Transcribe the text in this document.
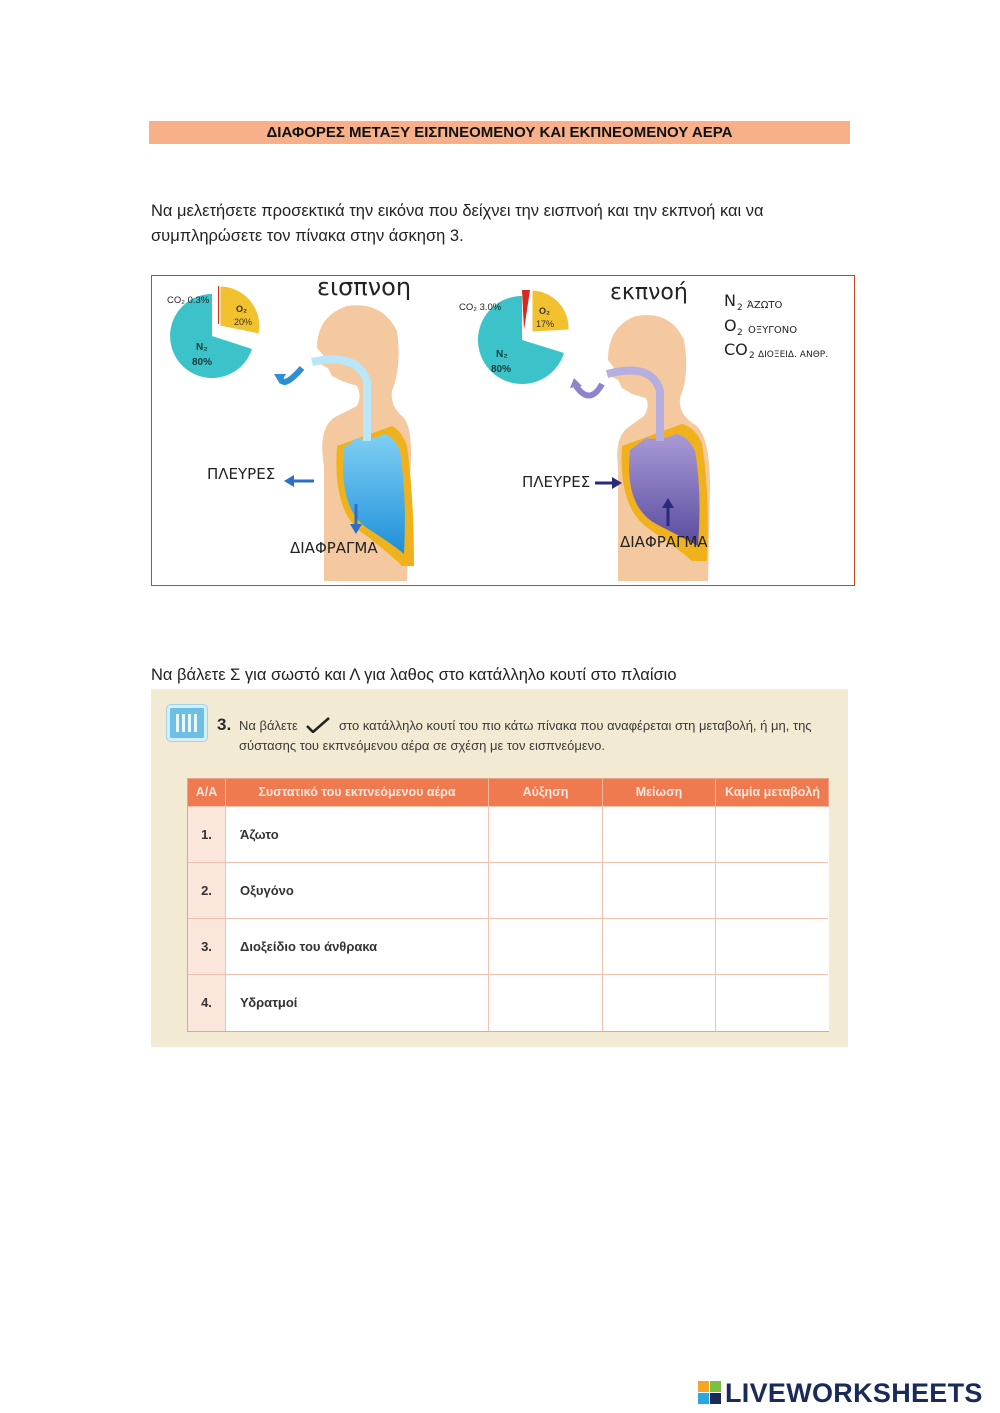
ΔΙΑΦΟΡΕΣ ΜΕΤΑΞΥ ΕΙΣΠΝΕΟΜΕΝΟΥ ΚΑΙ ΕΚΠΝΕΟΜΕΝΟΥ ΑΕΡΑ

Να μελετήσετε προσεκτικά την εικόνα που δείχνει την εισπνοή και την εκπνοή και να συμπληρώσετε τον πίνακα στην άσκηση 3.

CO₂ 0.3%
O₂
20%
N₂
80%
εισπνοη
ΠΛΕΥΡΕΣ
ΔΙΑΦΡΑΓΜΑ
CO₂ 3.0%	O₂
17%
N₂
80%
εκπνοή
ΠΛΕΥΡΕΣ
ΔΙΑΦΡΑΓΜΑ
N 2 ΆΖΩΤΟ
O 2 ΟΞΥΓΟΝΟ
CO 2 ΔΙΟΞΕΙΔ. ΑΝΘΡ.

Να βάλετε Σ για σωστό και Λ για λαθος στο κατάλληλο κουτί στο πλαίσιο

3. Να βάλετε	στο κατάλληλο κουτί του πιο κάτω πίνακα που αναφέρεται στη μεταβολή, ή μη, της σύστασης του εκπνεόμενου αέρα σε σχέση με τον εισπνεόμενο.
Α/Α	Συστατικό του εκπνεόμενου αέρα	Αύξηση	Μείωση	Καμία μεταβολή
1.	Άζωτο
2.	Οξυγόνο
3.	Διοξείδιο του άνθρακα
4.	Υδρατμοί
LIVEWORKSHEETS
